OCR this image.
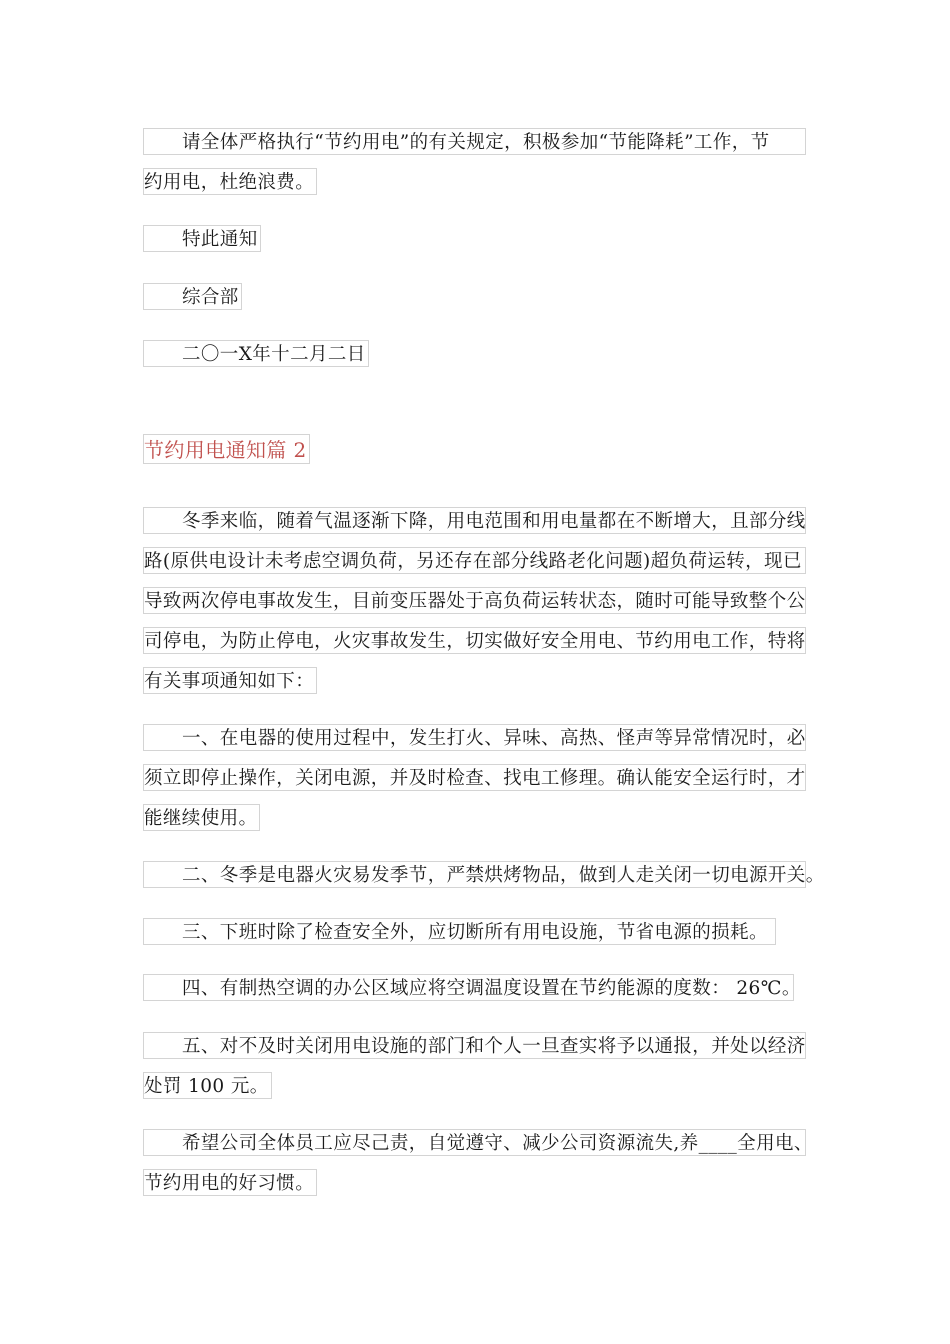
请全体严格执行“节约用电”的有关规定，积极参加“节能降耗”工作，节
约用电，杜绝浪费。
特此通知
综合部
二〇一X年十二月二日
节约用电通知篇 2
冬季来临，随着气温逐渐下降，用电范围和用电量都在不断增大，且部分线
路(原供电设计未考虑空调负荷，另还存在部分线路老化问题)超负荷运转，现已
导致两次停电事故发生，目前变压器处于高负荷运转状态，随时可能导致整个公
司停电，为防止停电，火灾事故发生，切实做好安全用电、节约用电工作，特将
有关事项通知如下：
一、在电器的使用过程中，发生打火、异味、高热、怪声等异常情况时，必
须立即停止操作，关闭电源，并及时检查、找电工修理。确认能安全运行时，才
能继续使用。
二、冬季是电器火灾易发季节，严禁烘烤物品，做到人走关闭一切电源开关。
三、下班时除了检查安全外，应切断所有用电设施，节省电源的损耗。
四、有制热空调的办公区域应将空调温度设置在节约能源的度数： 26℃。
五、对不及时关闭用电设施的部门和个人一旦查实将予以通报，并处以经济
处罚 100 元。
希望公司全体员工应尽己责，自觉遵守、减少公司资源流失,养____全用电、
节约用电的好习惯。
